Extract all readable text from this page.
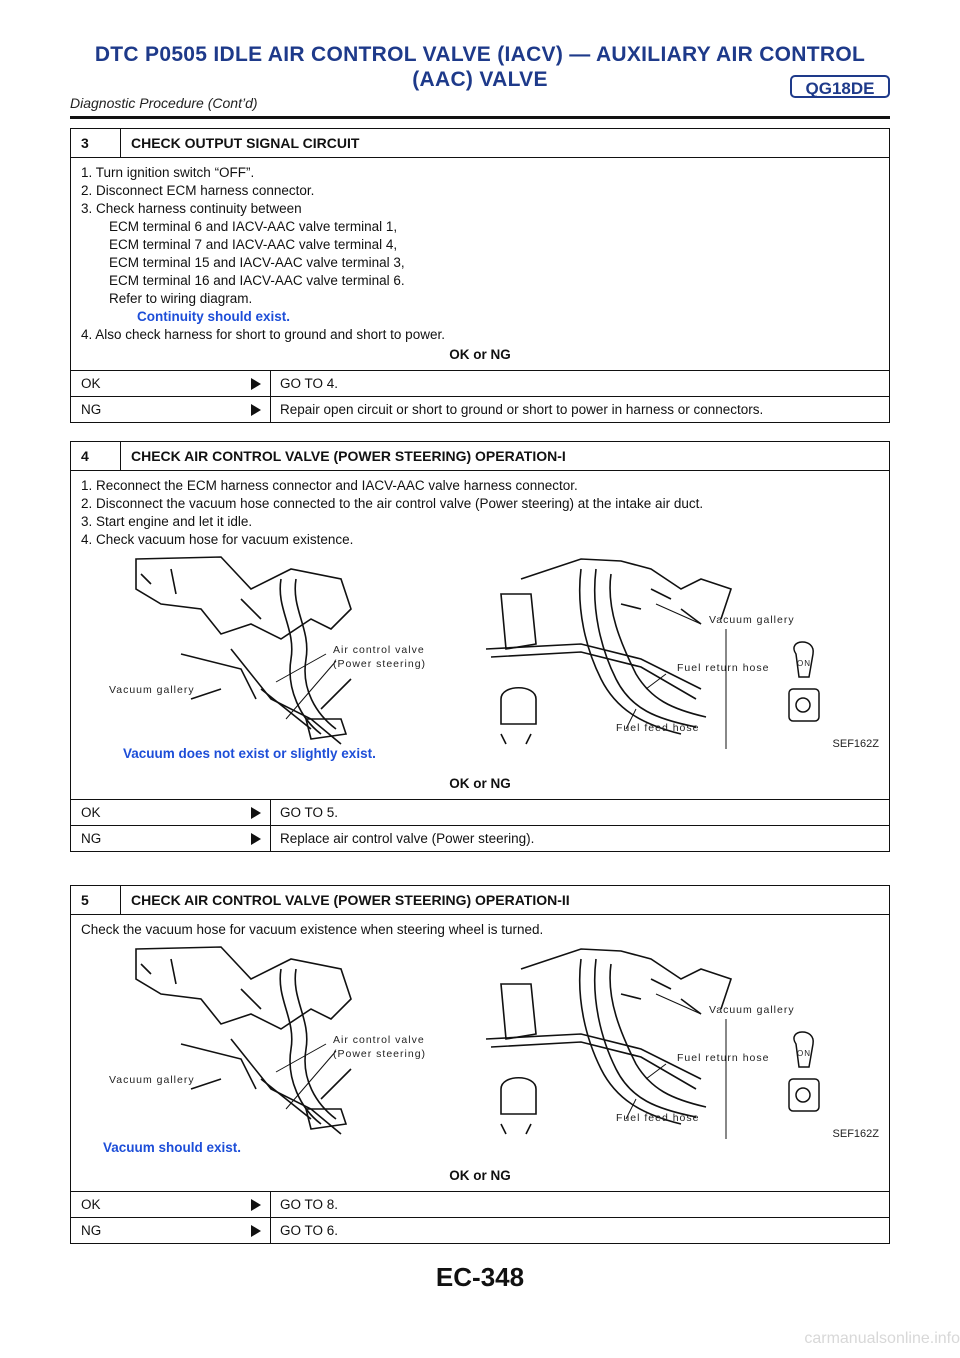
DTC P0505 IDLE AIR CONTROL VALVE (IACV) — AUXILIARY AIR CONTROL
(AAC) VALVE	QG18DE
Diagnostic Procedure (Cont’d)
3	CHECK OUTPUT SIGNAL CIRCUIT
1. Turn ignition switch “OFF”.
2. Disconnect ECM harness connector.
3. Check harness continuity between
ECM terminal 6 and IACV-AAC valve terminal 1,
ECM terminal 7 and IACV-AAC valve terminal 4,
ECM terminal 15 and IACV-AAC valve terminal 3,
ECM terminal 16 and IACV-AAC valve terminal 6.
Refer to wiring diagram.
Continuity should exist.
4. Also check harness for short to ground and short to power.
OK or NG
OK	GO TO 4.
NG	Repair open circuit or short to ground or short to power in harness or connectors.
4	CHECK AIR CONTROL VALVE (POWER STEERING) OPERATION-I
1. Reconnect the ECM harness connector and IACV-AAC valve harness connector.
2. Disconnect the vacuum hose connected to the air control valve (Power steering) at the intake air duct.
3. Start engine and let it idle.
4. Check vacuum hose for vacuum existence.
Air control valve
(Power steering)
Vacuum gallery
Vacuum gallery
Fuel return hose
Fuel feed hose
ON
SEF162Z
Vacuum does not exist or slightly exist.
OK or NG
OK	GO TO 5.
NG	Replace air control valve (Power steering).
5	CHECK AIR CONTROL VALVE (POWER STEERING) OPERATION-II
Check the vacuum hose for vacuum existence when steering wheel is turned.
Air control valve
(Power steering)
Vacuum gallery
Vacuum gallery
Fuel return hose
Fuel feed hose
ON
SEF162Z
Vacuum should exist.
OK or NG
OK	GO TO 8.
NG	GO TO 6.
EC-348
carmanualsonline.info
